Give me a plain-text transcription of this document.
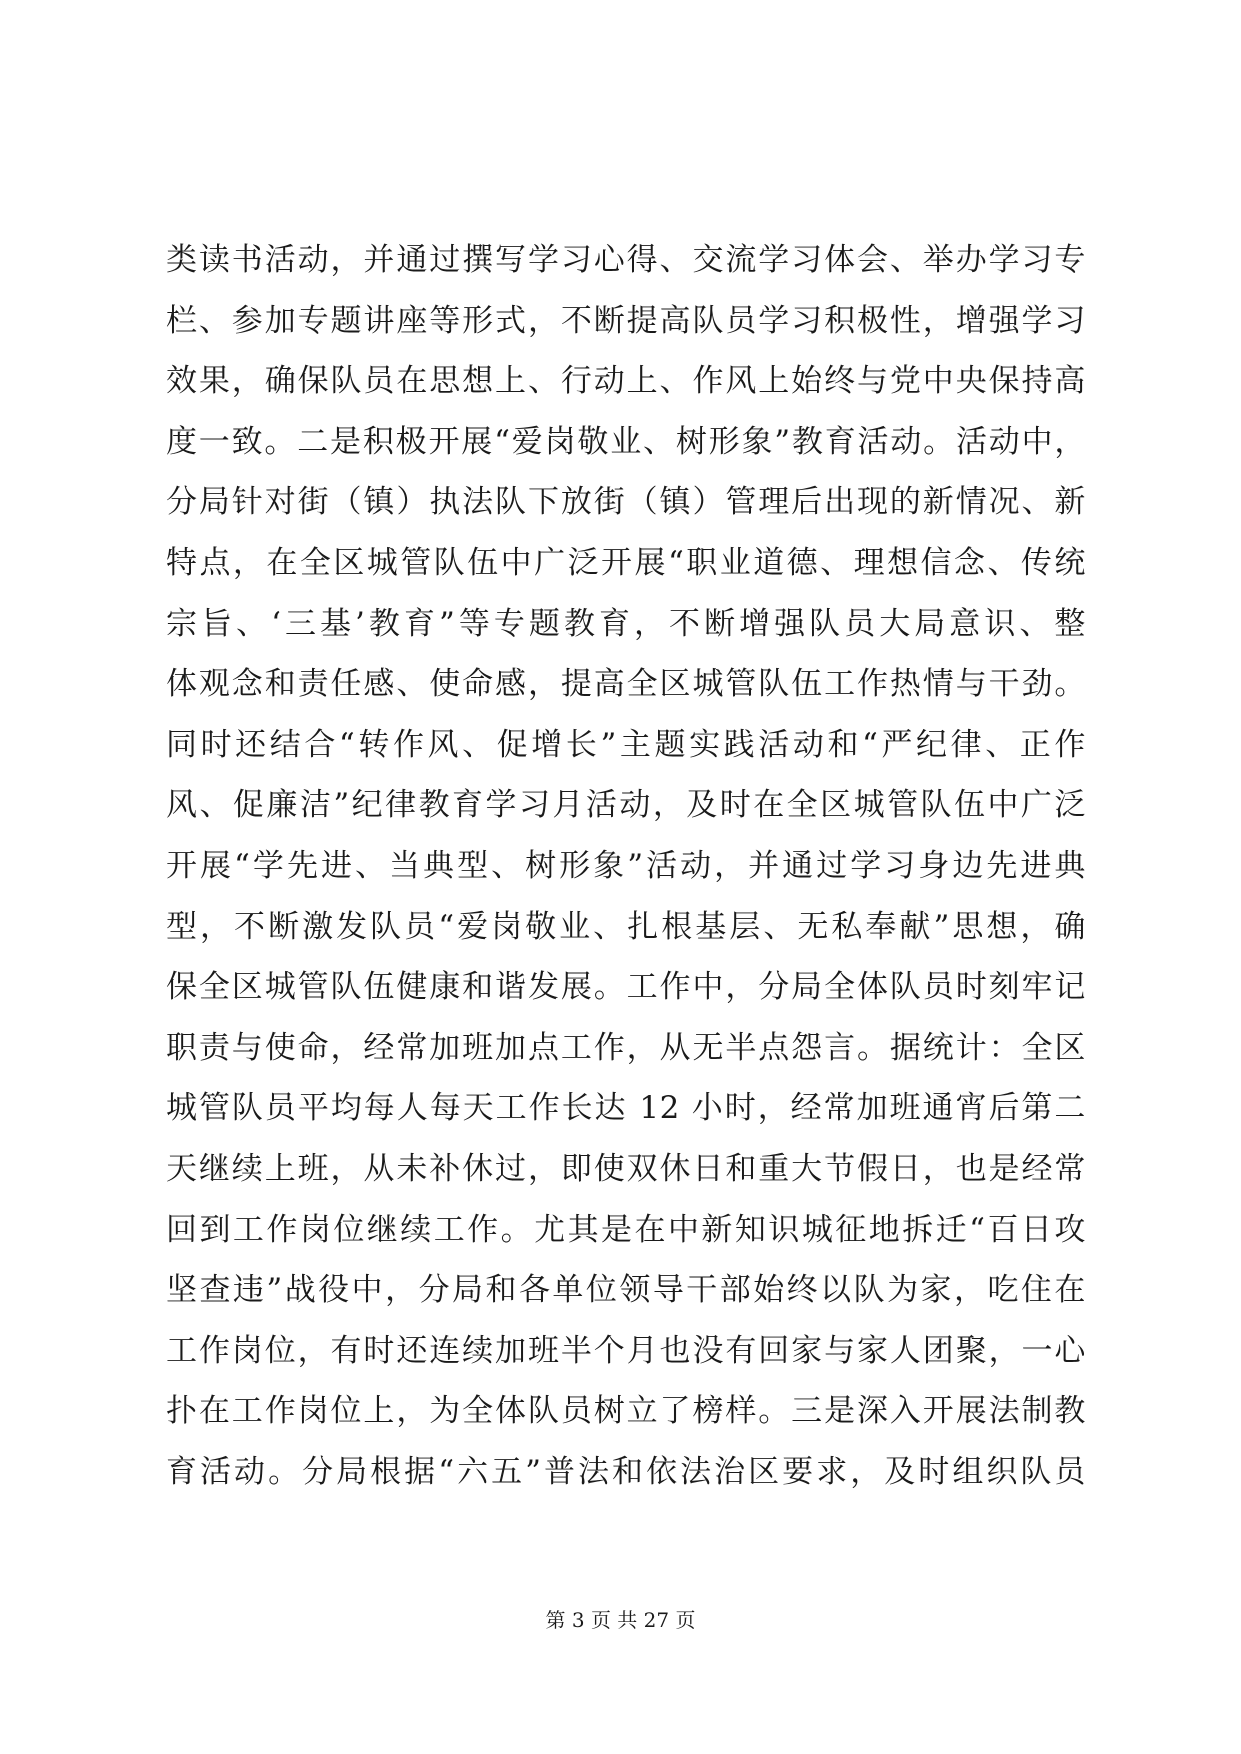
类读书活动，并通过撰写学习心得、交流学习体会、举办学习专
栏、参加专题讲座等形式，不断提高队员学习积极性，增强学习
效果，确保队员在思想上、行动上、作风上始终与党中央保持高
度一致。二是积极开展“爱岗敬业、树形象”教育活动。活动中，
分局针对街（镇）执法队下放街（镇）管理后出现的新情况、新
特点，在全区城管队伍中广泛开展“职业道德、理想信念、传统
宗旨、‘三基’教育”等专题教育，不断增强队员大局意识、整
体观念和责任感、使命感，提高全区城管队伍工作热情与干劲。
同时还结合“转作风、促增长”主题实践活动和“严纪律、正作
风、促廉洁”纪律教育学习月活动，及时在全区城管队伍中广泛
开展“学先进、当典型、树形象”活动，并通过学习身边先进典
型，不断激发队员“爱岗敬业、扎根基层、无私奉献”思想，确
保全区城管队伍健康和谐发展。工作中，分局全体队员时刻牢记
职责与使命，经常加班加点工作，从无半点怨言。据统计：全区
城管队员平均每人每天工作长达 12 小时，经常加班通宵后第二
天继续上班，从未补休过，即使双休日和重大节假日，也是经常
回到工作岗位继续工作。尤其是在中新知识城征地拆迁“百日攻
坚查违”战役中，分局和各单位领导干部始终以队为家，吃住在
工作岗位，有时还连续加班半个月也没有回家与家人团聚，一心
扑在工作岗位上，为全体队员树立了榜样。三是深入开展法制教
育活动。分局根据“六五”普法和依法治区要求，及时组织队员
第 3 页 共 27 页
